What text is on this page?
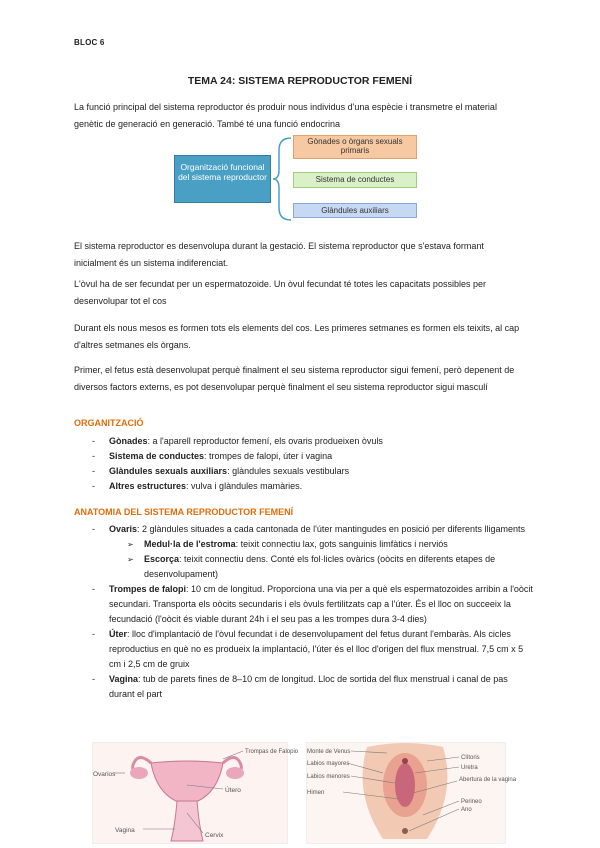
BLOC 6
TEMA 24: SISTEMA REPRODUCTOR FEMENÍ
La funció principal del sistema reproductor és produir nous individus d'una espècie i transmetre el material genètic de generació en generació. També té una funció endocrina
Organització funcional del sistema reproductor
Gònades o òrgans sexuals primaris
Sistema de conductes
Glàndules auxiliars
El sistema reproductor es desenvolupa durant la gestació. El sistema reproductor que s'estava formant inicialment és un sistema indiferenciat.
L'òvul ha de ser fecundat per un espermatozoide. Un òvul fecundat té totes les capacitats possibles per desenvolupar tot el cos
Durant els nous mesos es formen tots els elements del cos. Les primeres setmanes es formen els teixits, al cap d'altres setmanes els òrgans.
Primer, el fetus està desenvolupat perquè finalment el seu sistema reproductor sigui femení, però depenent de diversos factors externs, es pot desenvolupar perquè finalment el seu sistema reproductor sigui masculí
ORGANITZACIÓ
- Gònades: a l'aparell reproductor femení, els ovaris produeixen òvuls
- Sistema de conductes: trompes de falopi, úter i vagina
- Glàndules sexuals auxiliars: glàndules sexuals vestibulars
- Altres estructures: vulva i glàndules mamàries.
ANATOMIA DEL SISTEMA REPRODUCTOR FEMENÍ
- Ovaris: 2 glàndules situades a cada cantonada de l'úter mantingudes en posició per diferents lligaments
➢ Medul·la de l'estroma: teixit connectiu lax, gots sanguinis limfàtics i nerviós
➢ Escorça: teixit connectiu dens. Conté els fol·licles ovàrics (oòcits en diferents etapes de desenvolupament)
- Trompes de falopi: 10 cm de longitud. Proporciona una via per a què els espermatozoides arribin a l'oòcit secundari. Transporta els oòcits secundaris i els òvuls fertilitzats cap a l'úter. És el lloc on succeeix la fecundació (l'oòcit és viable durant 24h i el seu pas a les trompes dura 3-4 dies)
- Úter: lloc d'implantació de l'òvul fecundat i de desenvolupament del fetus durant l'embaràs. Als cicles reproductius en què no es produeix la implantació, l'úter és el lloc d'origen del flux menstrual. 7,5 cm x 5 cm i 2,5 cm de gruix
- Vagina: tub de parets fines de 8–10 cm de longitud. Lloc de sortida del flux menstrual i canal de pas durant el part
Trompas de Falopio
Ovarios
Útero
Vagina
Cervix
Monte de Venus
Labios mayores
Labios menores
Himen
Clítoris
Uretra
Abertura de la vagina
Perineo
Ano
